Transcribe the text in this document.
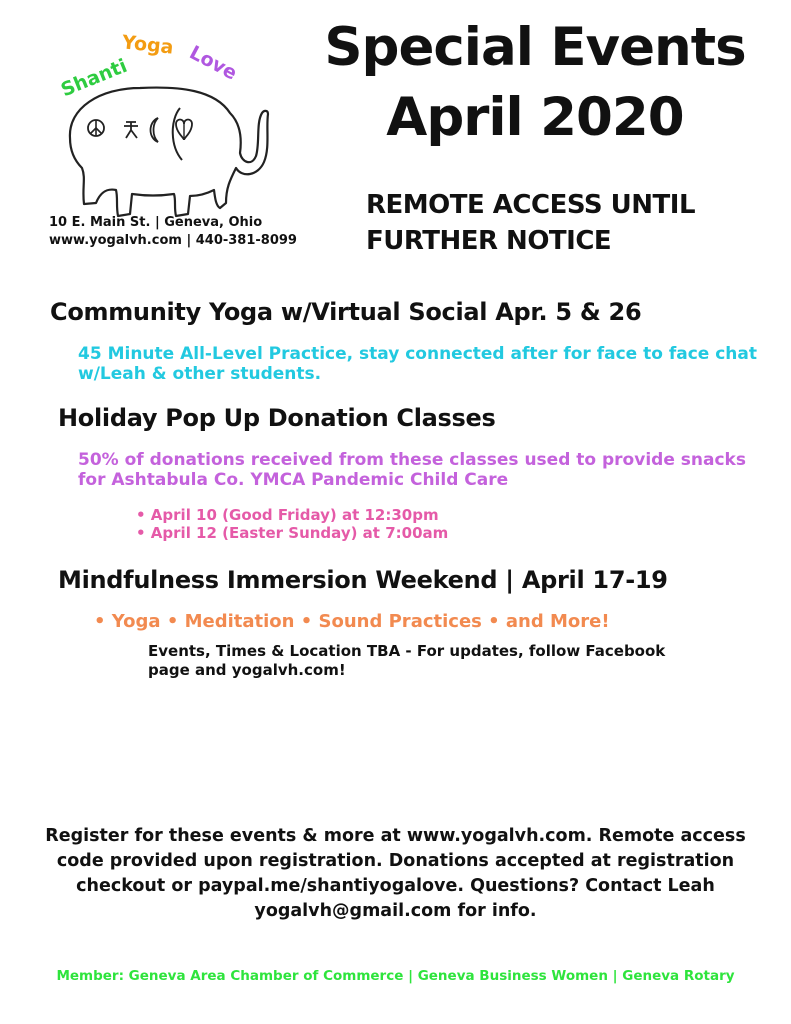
Shanti
Yoga Love
10 E. Main St. | Geneva, Ohio
www.yogalvh.com | 440-381-8099
Special Events
April 2020
REMOTE ACCESS UNTIL
FURTHER NOTICE
Community Yoga w/Virtual Social Apr. 5 & 26
45 Minute All-Level Practice, stay connected after for face to face chat w/Leah & other students.
Holiday Pop Up Donation Classes
50% of donations received from these classes used to provide snacks for Ashtabula Co. YMCA Pandemic Child Care
• April 10 (Good Friday) at 12:30pm
• April 12 (Easter Sunday) at 7:00am
Mindfulness Immersion Weekend | April 17-19
• Yoga • Meditation • Sound Practices • and More!
Events, Times & Location TBA - For updates, follow Facebook page and yogalvh.com!
Register for these events & more at www.yogalvh.com. Remote access code provided upon registration. Donations accepted at registration checkout or paypal.me/shantiyogalove. Questions? Contact Leah yogalvh@gmail.com for info.
Member: Geneva Area Chamber of Commerce | Geneva Business Women | Geneva Rotary
